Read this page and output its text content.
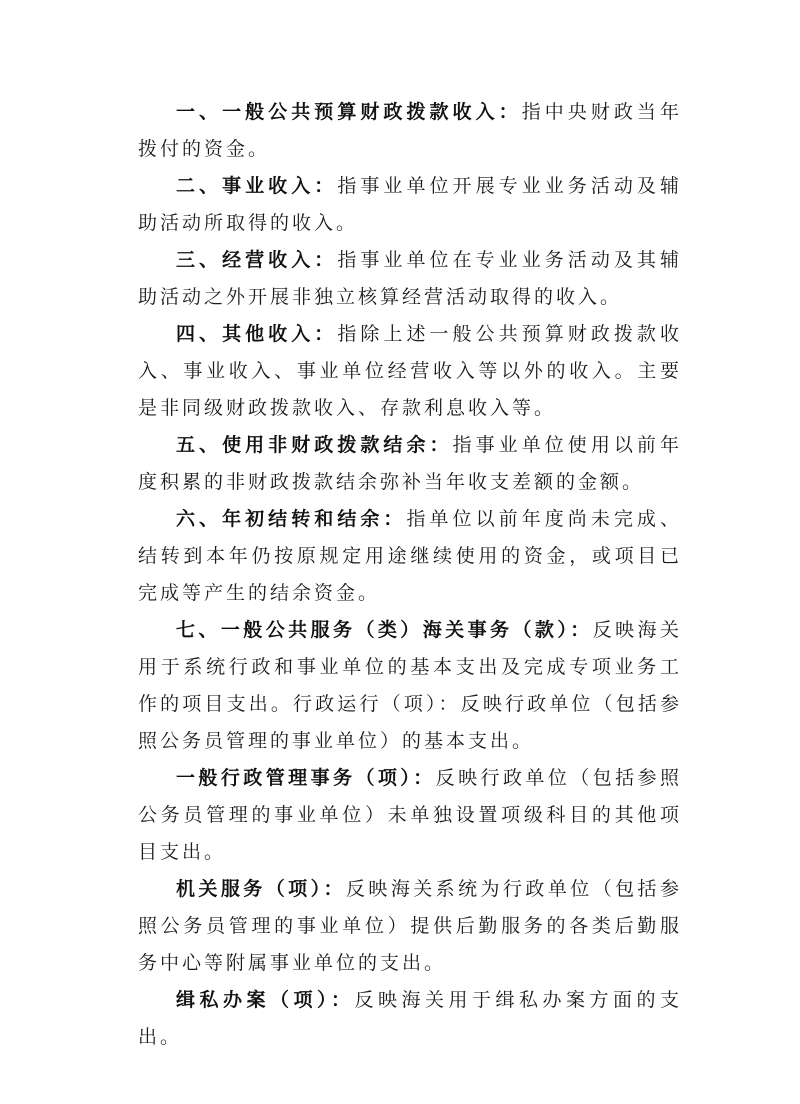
一、一般公共预算财政拨款收入：指中央财政当年拨付的资金。

二、事业收入：指事业单位开展专业业务活动及辅助活动所取得的收入。

三、经营收入：指事业单位在专业业务活动及其辅助活动之外开展非独立核算经营活动取得的收入。

四、其他收入：指除上述一般公共预算财政拨款收入、事业收入、事业单位经营收入等以外的收入。主要是非同级财政拨款收入、存款利息收入等。

五、使用非财政拨款结余：指事业单位使用以前年度积累的非财政拨款结余弥补当年收支差额的金额。

六、年初结转和结余：指单位以前年度尚未完成、结转到本年仍按原规定用途继续使用的资金，或项目已完成等产生的结余资金。

七、一般公共服务（类）海关事务（款）：反映海关用于系统行政和事业单位的基本支出及完成专项业务工作的项目支出。行政运行（项）：反映行政单位（包括参照公务员管理的事业单位）的基本支出。

一般行政管理事务（项）：反映行政单位（包括参照公务员管理的事业单位）未单独设置项级科目的其他项目支出。

机关服务（项）：反映海关系统为行政单位（包括参照公务员管理的事业单位）提供后勤服务的各类后勤服务中心等附属事业单位的支出。

缉私办案（项）：反映海关用于缉私办案方面的支出。
